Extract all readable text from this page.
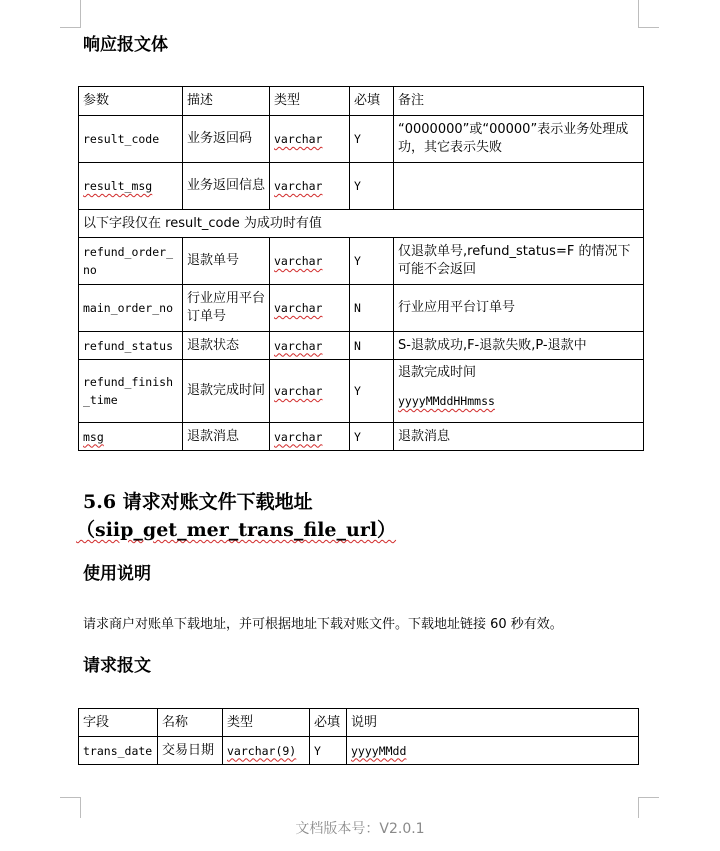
响应报文体
参数	描述	类型	必填	备注
result_code	业务返回码	varchar	Y	“0000000”或“00000”表示业务处理成功，其它表示失败
result_msg	业务返回信息	varchar	Y	
以下字段仅在 result_code 为成功时有值				
refund_order_no	退款单号	varchar	Y	仅退款单号,refund_status=F 的情况下可能不会返回
main_order_no	行业应用平台订单号	varchar	N	行业应用平台订单号
refund_status	退款状态	varchar	N	S-退款成功,F-退款失败,P-退款中
refund_finish_time	退款完成时间	varchar	Y	退款完成时间
yyyyMMddHHmmss

msg	退款消息	varchar	Y	退款消息
5.6 请求对账文件下载地址
（siip_get_mer_trans_file_url）
使用说明
请求商户对账单下载地址，并可根据地址下载对账文件。下载地址链接 60 秒有效。
请求报文
字段	名称	类型	必填	说明
trans_date	交易日期	varchar(9)	Y	yyyyMMdd
文档版本号：V2.0.1
